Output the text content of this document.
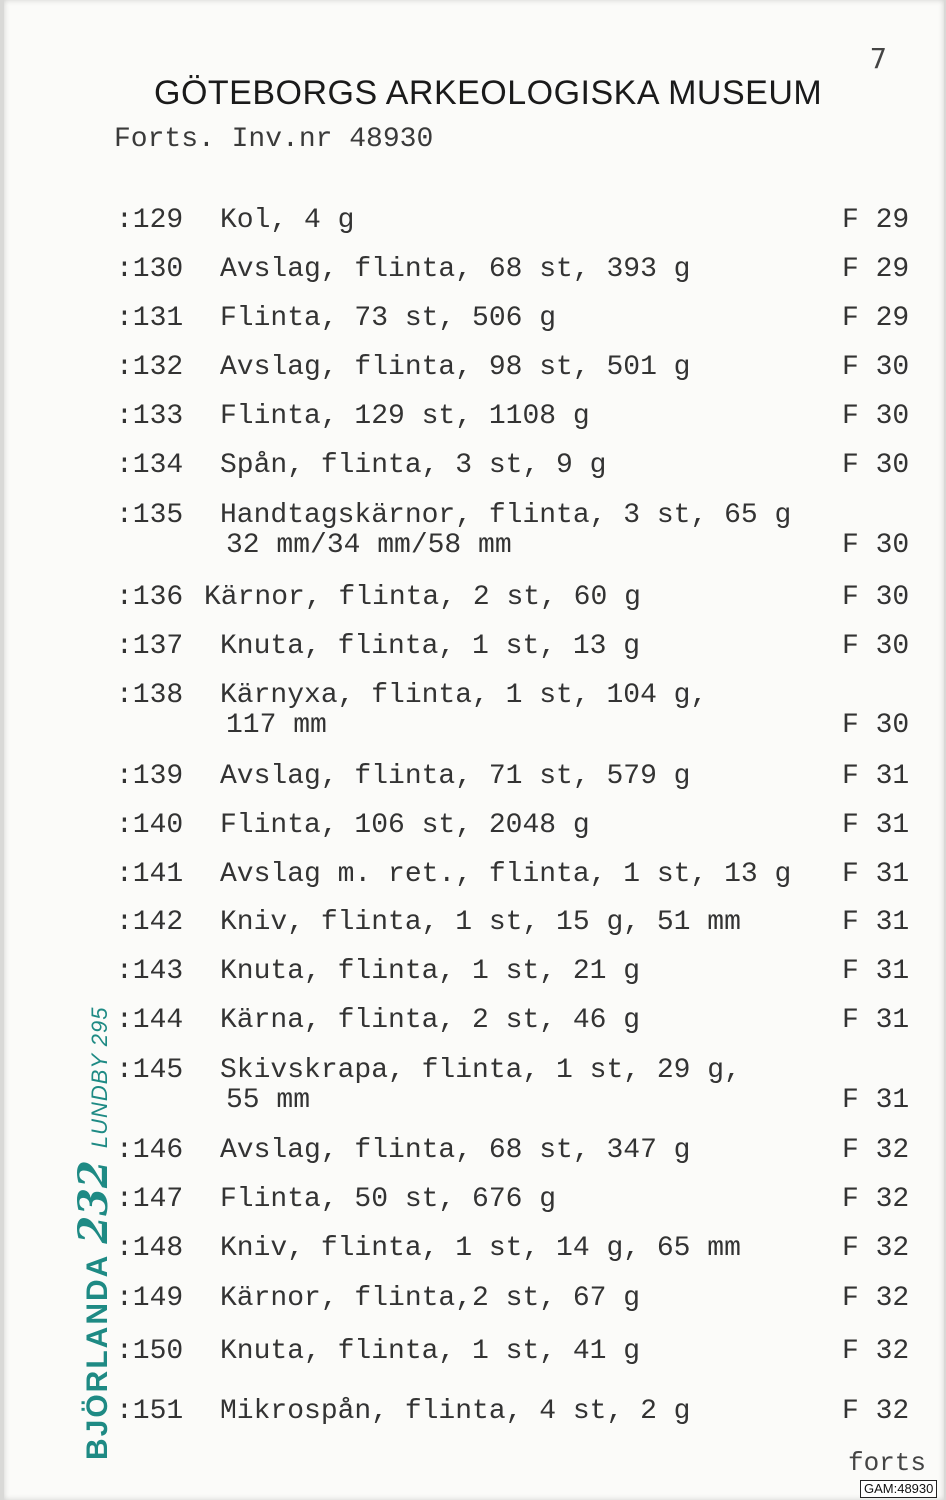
7
GÖTEBORGS ARKEOLOGISKA MUSEUM
Forts. Inv.nr 48930
:129 Kol, 4 g	F 29
:130 Avslag, flinta, 68 st, 393 g	F 29
:131 Flinta, 73 st, 506 g	F 29
:132 Avslag, flinta, 98 st, 501 g	F 30
:133 Flinta, 129 st, 1108 g	F 30
:134 Spån, flinta, 3 st, 9 g	F 30
:135 Handtagskärnor, flinta, 3 st, 65 g
32 mm/34 mm/58 mm	F 30
:136 Kärnor, flinta, 2 st, 60 g	F 30
:137 Knuta, flinta, 1 st, 13 g	F 30
:138 Kärnyxa, flinta, 1 st, 104 g,
117 mm	F 30
:139 Avslag, flinta, 71 st, 579 g	F 31
:140 Flinta, 106 st, 2048 g	F 31
:141 Avslag m. ret., flinta, 1 st, 13 g F 31
:142 Kniv, flinta, 1 st, 15 g, 51 mm	F 31
:143 Knuta, flinta, 1 st, 21 g	F 31
:144 Kärna, flinta, 2 st, 46 g	F 31
:145 Skivskrapa, flinta, 1 st, 29 g,
55 mm	F 31
:146 Avslag, flinta, 68 st, 347 g	F 32
:147 Flinta, 50 st, 676 g	F 32
:148 Kniv, flinta, 1 st, 14 g, 65 mm	F 32
:149 Kärnor, flinta,2 st, 67 g	F 32
:150 Knuta, flinta, 1 st, 41 g	F 32
:151 Mikrospån, flinta, 4 st, 2 g	F 32
forts
BJÖRLANDA232LUNDBY 295
GAM:48930
